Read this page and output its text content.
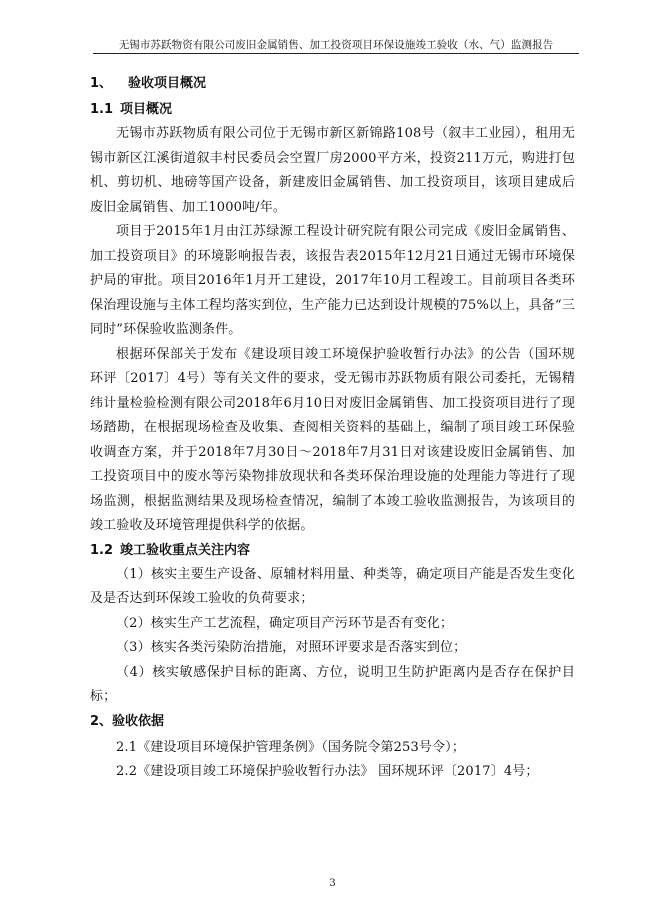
无锡市苏跃物资有限公司废旧金属销售、加工投资项目环保设施竣工验收（水、气）监测报告
1、 验收项目概况
1.1 项目概况

无锡市苏跃物质有限公司位于无锡市新区新锦路108号（叙丰工业园），租用无锡市新区江溪街道叙丰村民委员会空置厂房2000平方米，投资211万元，购进打包机、剪切机、地磅等国产设备，新建废旧金属销售、加工投资项目，该项目建成后废旧金属销售、加工1000吨/年。

项目于2015年1月由江苏绿源工程设计研究院有限公司完成《废旧金属销售、加工投资项目》的环境影响报告表，该报告表2015年12月21日通过无锡市环境保护局的审批。项目2016年1月开工建设，2017年10月工程竣工。目前项目各类环保治理设施与主体工程均落实到位，生产能力已达到设计规模的75%以上，具备“三同时”环保验收监测条件。

根据环保部关于发布《建设项目竣工环境保护验收暂行办法》的公告（国环规环评〔2017〕4号）等有关文件的要求，受无锡市苏跃物质有限公司委托，无锡精纬计量检验检测有限公司2018年6月10日对废旧金属销售、加工投资项目进行了现场踏勘，在根据现场检查及收集、查阅相关资料的基础上，编制了项目竣工环保验收调查方案，并于2018年7月30日～2018年7月31日对该建设废旧金属销售、加工投资项目中的废水等污染物排放现状和各类环保治理设施的处理能力等进行了现场监测，根据监测结果及现场检查情况，编制了本竣工验收监测报告，为该项目的竣工验收及环境管理提供科学的依据。

1.2 竣工验收重点关注内容

（1）核实主要生产设备、原辅材料用量、种类等，确定项目产能是否发生变化及是否达到环保竣工验收的负荷要求；

（2）核实生产工艺流程，确定项目产污环节是否有变化；

（3）核实各类污染防治措施，对照环评要求是否落实到位；

（4）核实敏感保护目标的距离、方位，说明卫生防护距离内是否存在保护目标；

2、验收依据

2.1《建设项目环境保护管理条例》（国务院令第253号令）；

2.2《建设项目竣工环境保护验收暂行办法》 国环规环评〔2017〕4号；

3
